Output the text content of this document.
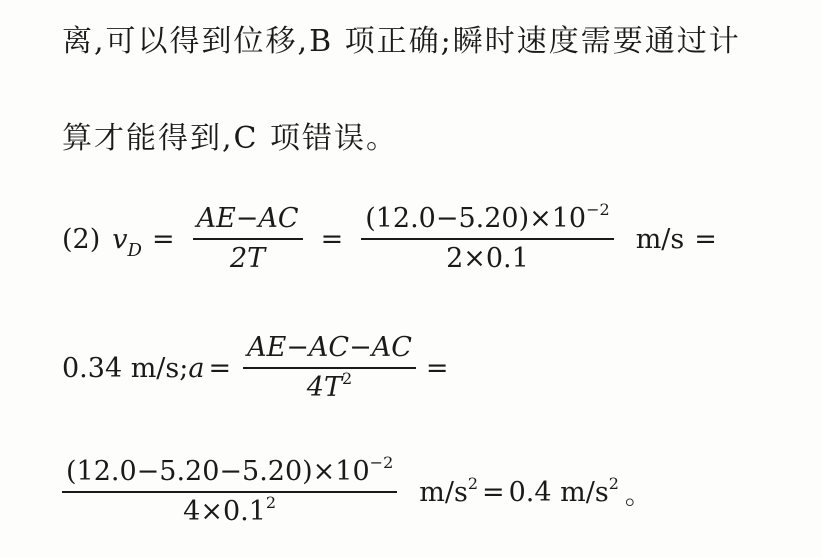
离,可以得到位移,B 项正确;瞬时速度需要通过计
算才能得到,C 项错误。
(2) $v_D = \frac{AE-AC}{2T} = \frac{(12.0-5.20)\times 10^{-2}}{2\times 0.1} m/s$ =
0.34 m/s; $a = \frac{AE-AC-AC}{4T^2}$ =
$\frac{(12.0-5.20-5.20)\times 10^{-2}}{4\times 0.1^2} m/s^2 = 0.4$ $m/s^2$ 。
